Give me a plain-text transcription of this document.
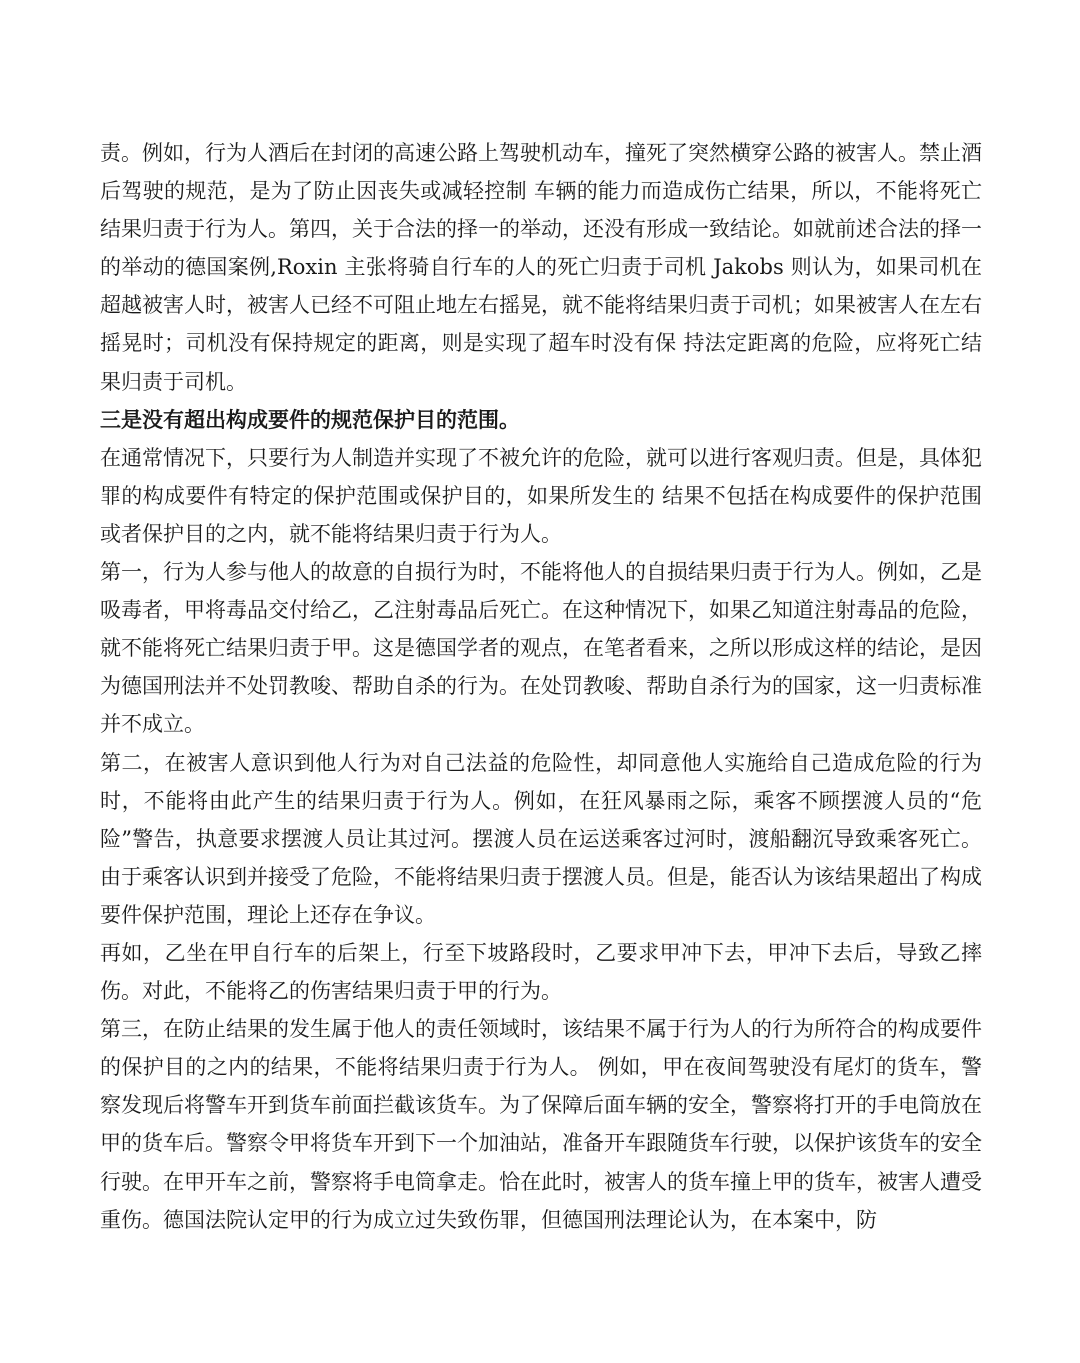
责。例如，行为人酒后在封闭的高速公路上驾驶机动车，撞死了突然横穿公路的被害人。禁止酒后驾驶的规范，是为了防止因丧失或减轻控制 车辆的能力而造成伤亡结果，所以，不能将死亡结果归责于行为人。第四，关于合法的择一的举动，还没有形成一致结论。如就前述合法的择一的举动的德国案例,Roxin 主张将骑自行车的人的死亡归责于司机 Jakobs 则认为，如果司机在超越被害人时，被害人已经不可阻止地左右摇晃，就不能将结果归责于司机；如果被害人在左右摇晃时；司机没有保持规定的距离，则是实现了超车时没有保 持法定距离的危险，应将死亡结果归责于司机。

三是没有超出构成要件的规范保护目的范围。

在通常情况下，只要行为人制造并实现了不被允许的危险，就可以进行客观归责。但是，具体犯罪的构成要件有特定的保护范围或保护目的，如果所发生的 结果不包括在构成要件的保护范围或者保护目的之内，就不能将结果归责于行为人。

第一，行为人参与他人的故意的自损行为时，不能将他人的自损结果归责于行为人。例如，乙是吸毒者，甲将毒品交付给乙，乙注射毒品后死亡。在这种情况下，如果乙知道注射毒品的危险，就不能将死亡结果归责于甲。这是德国学者的观点，在笔者看来，之所以形成这样的结论，是因为德国刑法并不处罚教唆、帮助自杀的行为。在处罚教唆、帮助自杀行为的国家，这一归责标准并不成立。

第二，在被害人意识到他人行为对自己法益的危险性，却同意他人实施给自己造成危险的行为时，不能将由此产生的结果归责于行为人。例如，在狂风暴雨之际，乘客不顾摆渡人员的“危险”警告，执意要求摆渡人员让其过河。摆渡人员在运送乘客过河时，渡船翻沉导致乘客死亡。由于乘客认识到并接受了危险，不能将结果归责于摆渡人员。但是，能否认为该结果超出了构成要件保护范围，理论上还存在争议。

再如，乙坐在甲自行车的后架上，行至下坡路段时，乙要求甲冲下去，甲冲下去后，导致乙摔伤。对此，不能将乙的伤害结果归责于甲的行为。

第三，在防止结果的发生属于他人的责任领域时，该结果不属于行为人的行为所符合的构成要件的保护目的之内的结果，不能将结果归责于行为人。 例如，甲在夜间驾驶没有尾灯的货车，警察发现后将警车开到货车前面拦截该货车。为了保障后面车辆的安全，警察将打开的手电筒放在甲的货车后。警察令甲将货车开到下一个加油站，准备开车跟随货车行驶，以保护该货车的安全行驶。在甲开车之前，警察将手电筒拿走。恰在此时，被害人的货车撞上甲的货车，被害人遭受重伤。德国法院认定甲的行为成立过失致伤罪，但德国刑法理论认为，在本案中，防
